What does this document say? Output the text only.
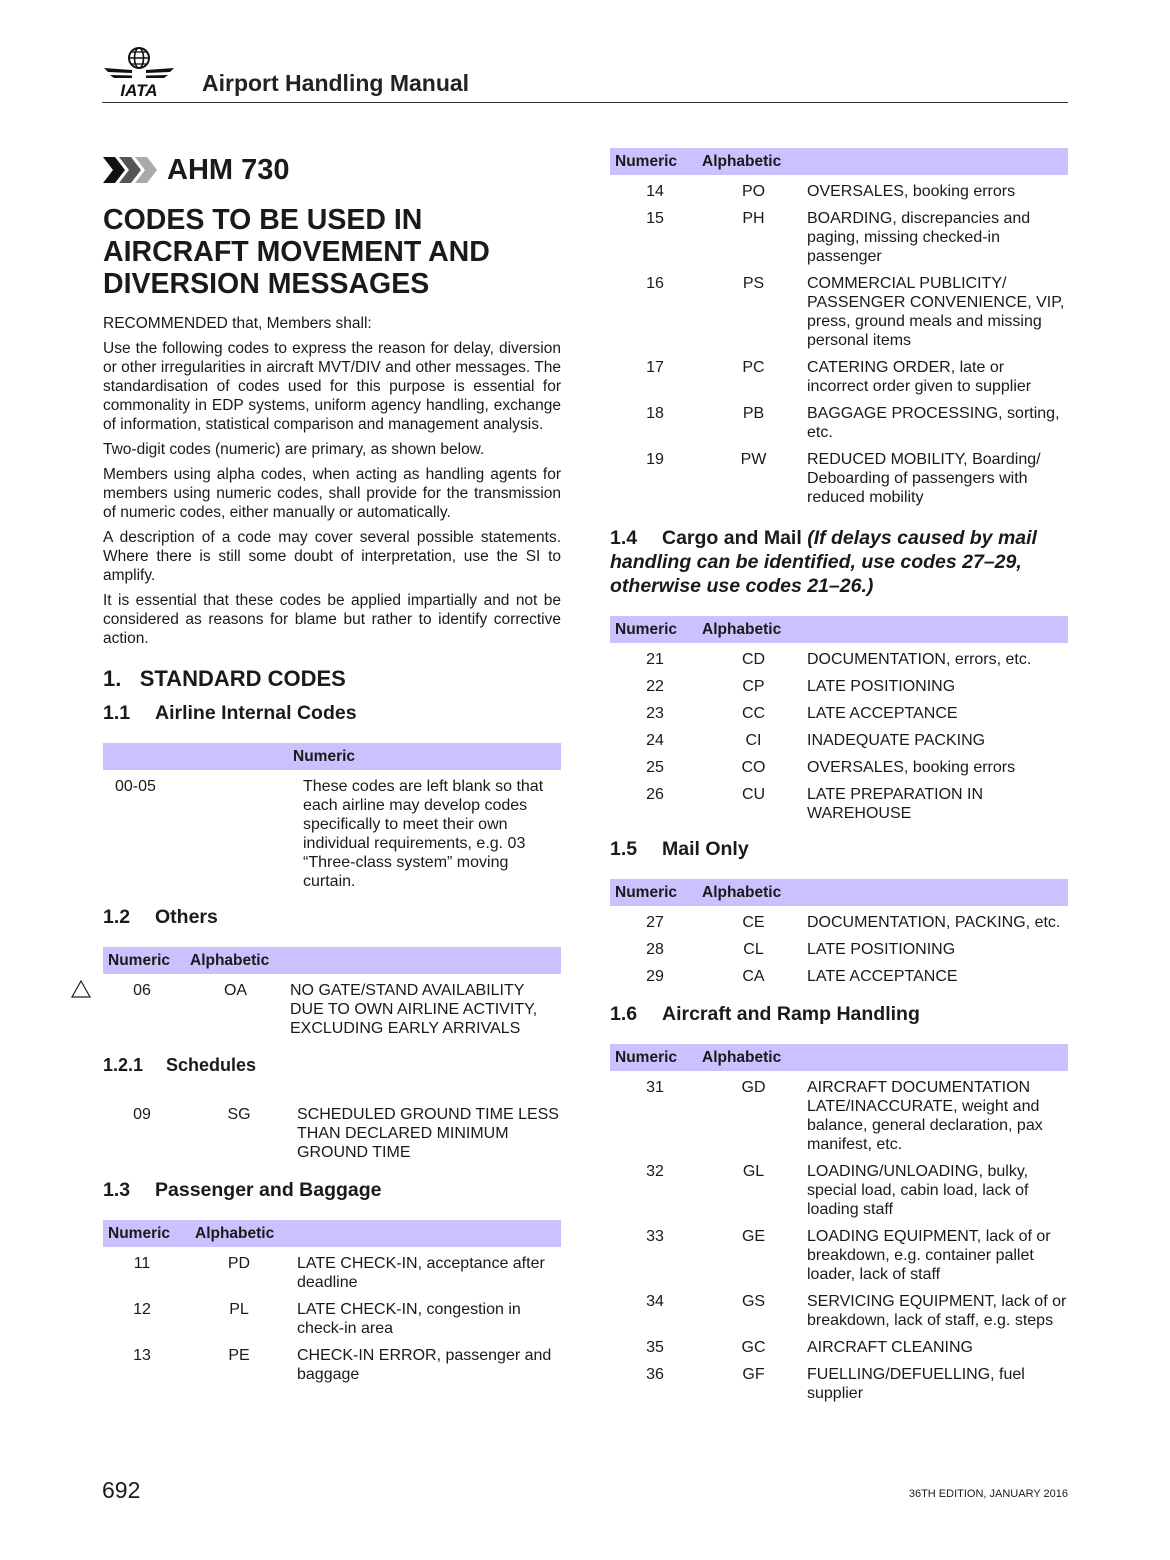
IATA Airport Handling Manual
AHM 730
CODES TO BE USED IN
AIRCRAFT MOVEMENT AND
DIVERSION MESSAGES

RECOMMENDED that, Members shall:

Use the following codes to express the reason for delay, diversion or other irregularities in aircraft MVT/DIV and other messages. The standardisation of codes used for this purpose is essential for commonality in EDP systems, uniform agency handling, exchange of information, statistical comparison and management analysis.

Two-digit codes (numeric) are primary, as shown below.

Members using alpha codes, when acting as handling agents for members using numeric codes, shall provide for the transmission of numeric codes, either manually or automatically.

A description of a code may cover several possible statements. Where there is still some doubt of interpretation, use the SI to amplify.

It is essential that these codes be applied impartially and not be considered as reasons for blame but rather to identify corrective action.

1. STANDARD CODES
1.1 Airline Internal Codes
Numeric
00-05	These codes are left blank so that each airline may develop codes specifically to meet their own individual requirements, e.g. 03 “Three-class system” moving curtain.
1.2 Others
Numeric	Alphabetic
06	OA	NO GATE/STAND AVAILABILITY DUE TO OWN AIRLINE ACTIVITY, EXCLUDING EARLY ARRIVALS
1.2.1 Schedules
09	SG	SCHEDULED GROUND TIME LESS THAN DECLARED MINIMUM GROUND TIME
1.3 Passenger and Baggage
Numeric	Alphabetic
11	PD	LATE CHECK-IN, acceptance after deadline
12	PL	LATE CHECK-IN, congestion in check-in area
13	PE	CHECK-IN ERROR, passenger and baggage
Numeric	Alphabetic
14	PO	OVERSALES, booking errors
15	PH	BOARDING, discrepancies and paging, missing checked-in passenger
16	PS	COMMERCIAL PUBLICITY/ PASSENGER CONVENIENCE, VIP, press, ground meals and missing personal items
17	PC	CATERING ORDER, late or incorrect order given to supplier
18	PB	BAGGAGE PROCESSING, sorting, etc.
19	PW	REDUCED MOBILITY, Boarding/ Deboarding of passengers with reduced mobility
1.4 Cargo and Mail (If delays caused by mail handling can be identified, use codes 27–29, otherwise use codes 21–26.)
Numeric	Alphabetic
21	CD	DOCUMENTATION, errors, etc.
22	CP	LATE POSITIONING
23	CC	LATE ACCEPTANCE
24	CI	INADEQUATE PACKING
25	CO	OVERSALES, booking errors
26	CU	LATE PREPARATION IN WAREHOUSE
1.5 Mail Only
Numeric	Alphabetic
27	CE	DOCUMENTATION, PACKING, etc.
28	CL	LATE POSITIONING
29	CA	LATE ACCEPTANCE
1.6 Aircraft and Ramp Handling
Numeric	Alphabetic
31	GD	AIRCRAFT DOCUMENTATION LATE/INACCURATE, weight and balance, general declaration, pax manifest, etc.
32	GL	LOADING/UNLOADING, bulky, special load, cabin load, lack of loading staff
33	GE	LOADING EQUIPMENT, lack of or breakdown, e.g. container pallet loader, lack of staff
34	GS	SERVICING EQUIPMENT, lack of or breakdown, lack of staff, e.g. steps
35	GC	AIRCRAFT CLEANING
36	GF	FUELLING/DEFUELLING, fuel supplier
692	36TH EDITION, JANUARY 2016
